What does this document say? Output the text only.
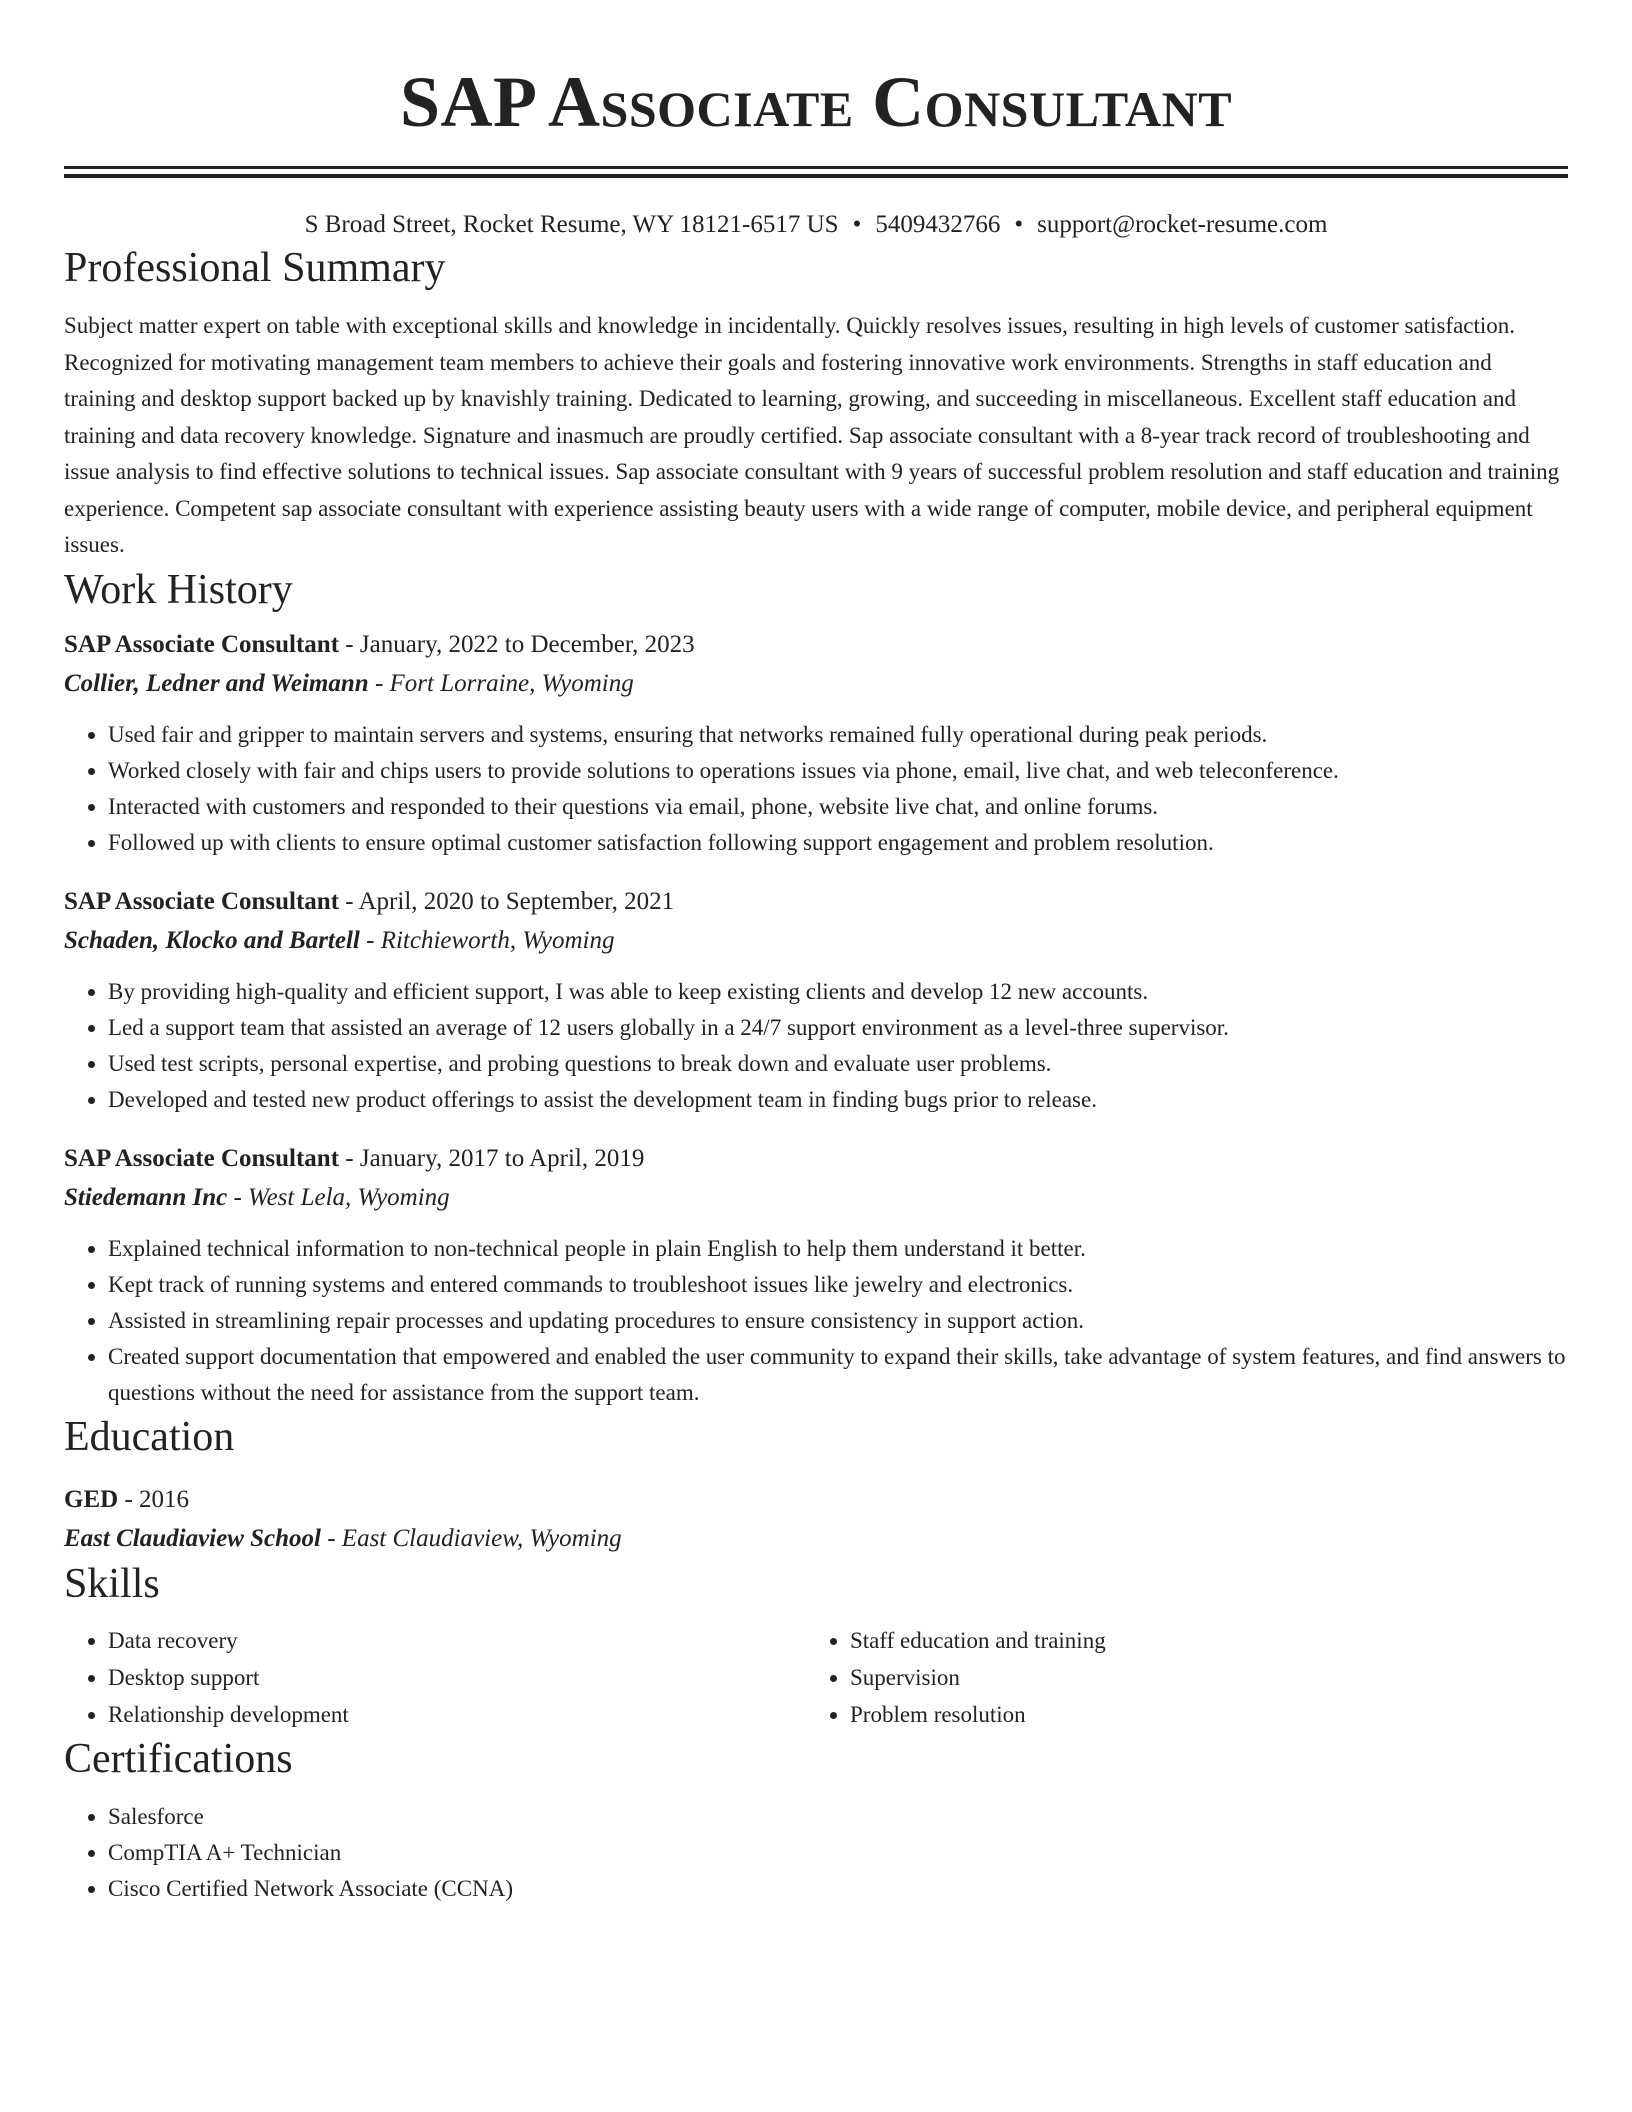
SAP Associate Consultant
S Broad Street, Rocket Resume, WY 18121-6517 US • 5409432766 • support@rocket-resume.com
Professional Summary

Subject matter expert on table with exceptional skills and knowledge in incidentally. Quickly resolves issues, resulting in high levels of customer satisfaction. Recognized for motivating management team members to achieve their goals and fostering innovative work environments. Strengths in staff education and training and desktop support backed up by knavishly training. Dedicated to learning, growing, and succeeding in miscellaneous. Excellent staff education and training and data recovery knowledge. Signature and inasmuch are proudly certified. Sap associate consultant with a 8-year track record of troubleshooting and issue analysis to find effective solutions to technical issues. Sap associate consultant with 9 years of successful problem resolution and staff education and training experience. Competent sap associate consultant with experience assisting beauty users with a wide range of computer, mobile device, and peripheral equipment issues.

Work History
SAP Associate Consultant - January, 2022 to December, 2023
Collier, Ledner and Weimann - Fort Lorraine, Wyoming
• Used fair and gripper to maintain servers and systems, ensuring that networks remained fully operational during peak periods.
• Worked closely with fair and chips users to provide solutions to operations issues via phone, email, live chat, and web teleconference.
• Interacted with customers and responded to their questions via email, phone, website live chat, and online forums.
• Followed up with clients to ensure optimal customer satisfaction following support engagement and problem resolution.
SAP Associate Consultant - April, 2020 to September, 2021
Schaden, Klocko and Bartell - Ritchieworth, Wyoming
• By providing high-quality and efficient support, I was able to keep existing clients and develop 12 new accounts.
• Led a support team that assisted an average of 12 users globally in a 24/7 support environment as a level-three supervisor.
• Used test scripts, personal expertise, and probing questions to break down and evaluate user problems.
• Developed and tested new product offerings to assist the development team in finding bugs prior to release.
SAP Associate Consultant - January, 2017 to April, 2019
Stiedemann Inc - West Lela, Wyoming
• Explained technical information to non-technical people in plain English to help them understand it better.
• Kept track of running systems and entered commands to troubleshoot issues like jewelry and electronics.
• Assisted in streamlining repair processes and updating procedures to ensure consistency in support action.
• Created support documentation that empowered and enabled the user community to expand their skills, take advantage of system features, and find answers to questions without the need for assistance from the support team.
Education
GED - 2016
East Claudiaview School - East Claudiaview, Wyoming
Skills
• Data recovery
• Desktop support
• Relationship development
• Staff education and training
• Supervision
• Problem resolution
Certifications
• Salesforce
• CompTIA A+ Technician
• Cisco Certified Network Associate (CCNA)
